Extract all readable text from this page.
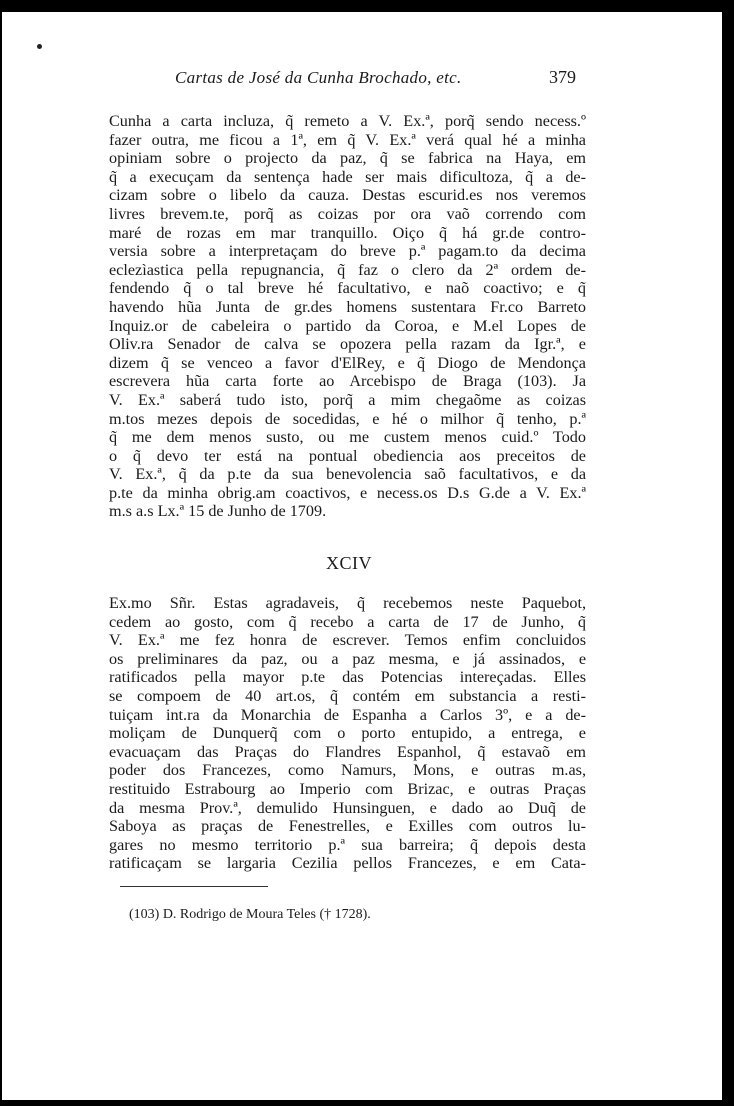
Cartas de José da Cunha Brochado, etc.	379
Cunha a carta incluza, q̃ remeto a V. Ex.ª, porq̃ sendo necess.º
fazer outra, me ficou a 1ª, em q̃ V. Ex.ª verá qual hé a minha
opiniam sobre o projecto da paz, q̃ se fabrica na Haya, em
q̃ a execuçam da sentença hade ser mais dificultoza, q̃ a de-
cizam sobre o libelo da cauza. Destas escurid.es nos veremos
livres brevem.te, porq̃ as coizas por ora vaõ correndo com
maré de rozas em mar tranquillo. Oiço q̃ há gr.de contro-
versia sobre a interpretaçam do breve p.ª pagam.to da decima
eclezìastica pella repugnancia, q̃ faz o clero da 2ª ordem de-
fendendo q̃ o tal breve hé facultativo, e naõ coactivo; e q̃
havendo hũa Junta de gr.des homens sustentara Fr.co Barreto
Inquiz.or de cabeleira o partido da Coroa, e M.el Lopes de
Oliv.ra Senador de calva se opozera pella razam da Igr.ª, e
dizem q̃ se venceo a favor d'ElRey, e q̃ Diogo de Mendonça
escrevera hũa carta forte ao Arcebispo de Braga (103). Ja
V. Ex.ª saberá tudo isto, porq̃ a mim chegaõme as coizas
m.tos mezes depois de socedidas, e hé o milhor q̃ tenho, p.ª
q̃ me dem menos susto, ou me custem menos cuid.º Todo
o q̃ devo ter está na pontual obediencia aos preceitos de
V. Ex.ª, q̃ da p.te da sua benevolencia saõ facultativos, e da
p.te da minha obrig.am coactivos, e necess.os D.s G.de a V. Ex.ª
m.s a.s Lx.ª 15 de Junho de 1709.
XCIV
Ex.mo Sñr. Estas agradaveis, q̃ recebemos neste Paquebot,
cedem ao gosto, com q̃ recebo a carta de 17 de Junho, q̃
V. Ex.ª me fez honra de escrever. Temos enfim concluidos
os preliminares da paz, ou a paz mesma, e já assinados, e
ratificados pella mayor p.te das Potencias intereçadas. Elles
se compoem de 40 art.os, q̃ contém em substancia a resti-
tuiçam int.ra da Monarchia de Espanha a Carlos 3º, e a de-
moliçam de Dunquerq̃ com o porto entupido, a entrega, e
evacuaçam das Praças do Flandres Espanhol, q̃ estavaõ em
poder dos Francezes, como Namurs, Mons, e outras m.as,
restituido Estrabourg ao Imperio com Brizac, e outras Praças
da mesma Prov.ª, demulido Hunsinguen, e dado ao Duq̃ de
Saboya as praças de Fenestrelles, e Exilles com outros lu-
gares no mesmo territorio p.ª sua barreira; q̃ depois desta
ratificaçam se largaria Cezilia pellos Francezes, e em Cata-
(103) D. Rodrigo de Moura Teles († 1728).
